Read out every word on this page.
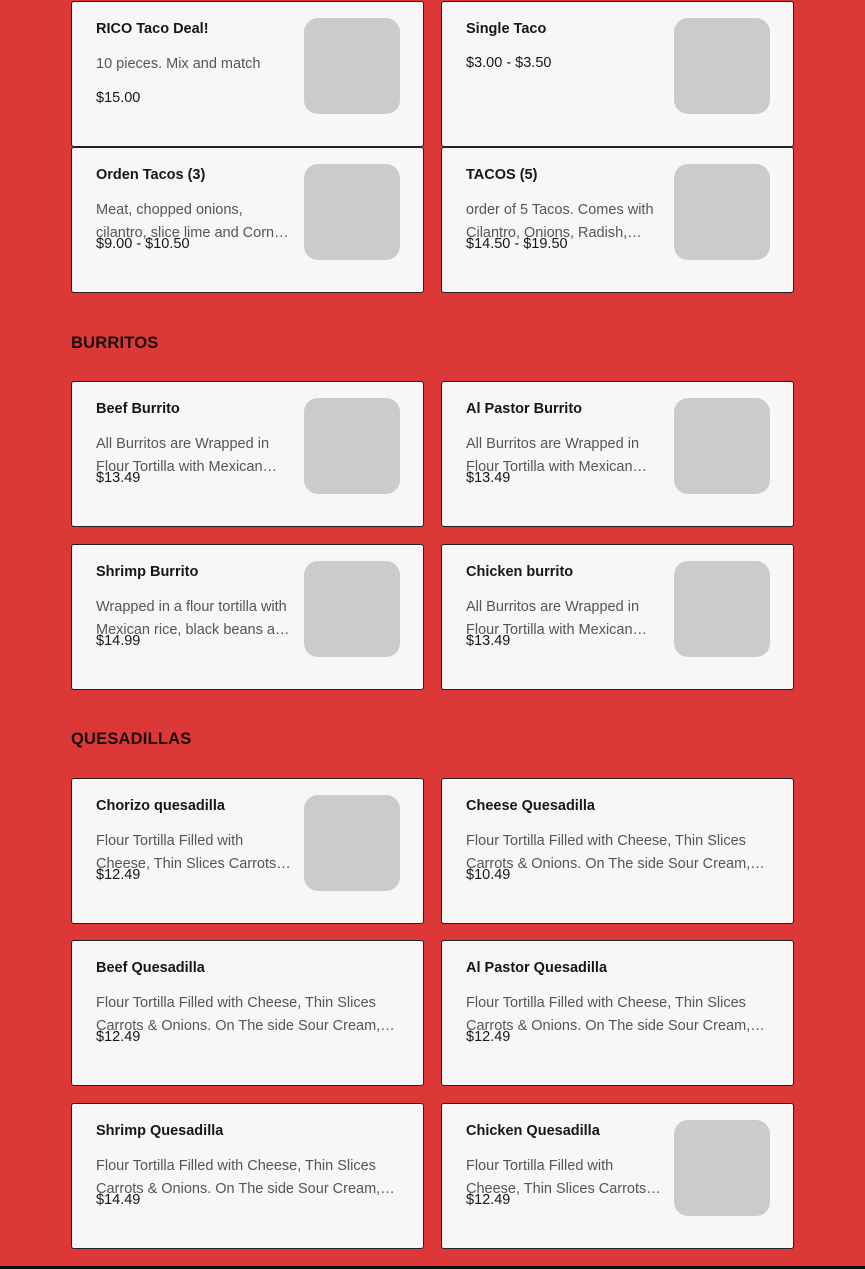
BURRITOS
QUESADILLAS
RICO Taco Deal!
10 pieces. Mix and match
$15.00
Single Taco
$3.00 - $3.50
Orden Tacos (3)
Meat, chopped onions, cilantro, slice lime and Corn
$9.00 - $10.50
TACOS (5)
order of 5 Tacos. Comes with Cilantro, Onions, Radish,
$14.50 - $19.50
Beef Burrito
All Burritos are Wrapped in Flour Tortilla with Mexican
$13.49
Al Pastor Burrito
All Burritos are Wrapped in Flour Tortilla with Mexican
$13.49
Shrimp Burrito
Wrapped in a flour tortilla with Mexican rice, black beans and
$14.99
Chicken burrito
All Burritos are Wrapped in Flour Tortilla with Mexican
$13.49
Chorizo quesadilla
Flour Tortilla Filled with Cheese, Thin Slices Carrots &
$12.49
Cheese Quesadilla
Flour Tortilla Filled with Cheese, Thin Slices Carrots & Onions. On The side Sour Cream,
$10.49
Beef Quesadilla
Flour Tortilla Filled with Cheese, Thin Slices Carrots & Onions. On The side Sour Cream,
$12.49
Al Pastor Quesadilla
Flour Tortilla Filled with Cheese, Thin Slices Carrots & Onions. On The side Sour Cream,
$12.49
Shrimp Quesadilla
Flour Tortilla Filled with Cheese, Thin Slices Carrots & Onions. On The side Sour Cream,
$14.49
Chicken Quesadilla
Flour Tortilla Filled with Cheese, Thin Slices Carrots &
$12.49
